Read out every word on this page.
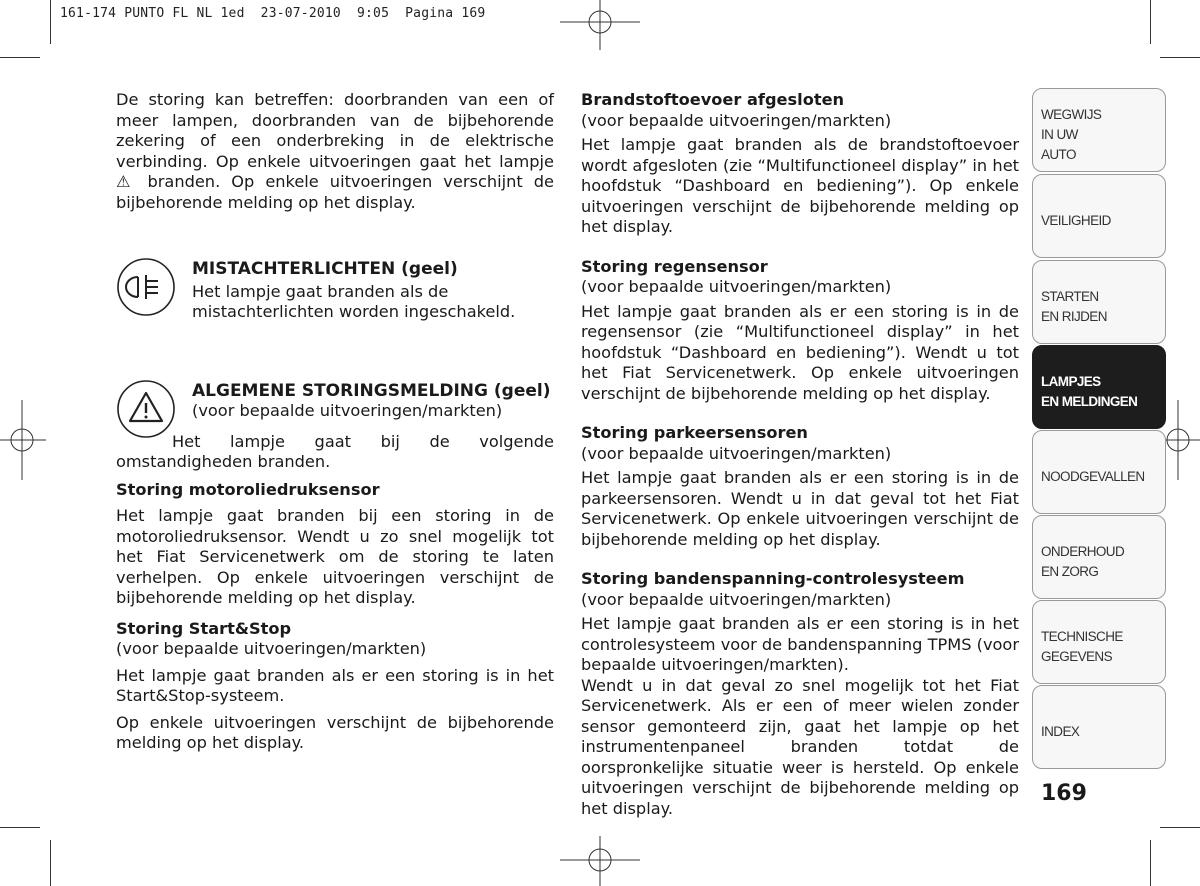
161-174 PUNTO FL NL 1ed  23-07-2010  9:05  Pagina 169

De storing kan betreffen: doorbranden van een of meer lampen, doorbranden van de bijbehorende zekering of een onderbreking in de elektrische verbinding. Op enkele uitvoeringen gaat het lampje ⚠ branden. Op enkele uitvoeringen verschijnt de bijbehorende melding op het display.

MISTACHTERLICHTEN (geel)

Het lampje gaat branden als de mistachterlichten worden ingeschakeld.

ALGEMENE STORINGSMELDING (geel)

(voor bepaalde uitvoeringen/markten)

Het lampje gaat bij de volgende omstandigheden branden.

Storing motoroliedruksensor

Het lampje gaat branden bij een storing in de motoroliedruksensor. Wendt u zo snel mogelijk tot het Fiat Servicenetwerk om de storing te laten verhelpen. Op enkele uitvoeringen verschijnt de bijbehorende melding op het display.

Storing Start&Stop

(voor bepaalde uitvoeringen/markten)

Het lampje gaat branden als er een storing is in het Start&Stop-systeem.

Op enkele uitvoeringen verschijnt de bijbehorende melding op het display.

Brandstoftoevoer afgesloten

(voor bepaalde uitvoeringen/markten)

Het lampje gaat branden als de brandstoftoevoer wordt afgesloten (zie “Multifunctioneel display” in het hoofdstuk “Dashboard en bediening”). Op enkele uitvoeringen verschijnt de bijbehorende melding op het display.

Storing regensensor

(voor bepaalde uitvoeringen/markten)

Het lampje gaat branden als er een storing is in de regensensor (zie “Multifunctioneel display” in het hoofdstuk “Dashboard en bediening”). Wendt u tot het Fiat Servicenetwerk. Op enkele uitvoeringen verschijnt de bijbehorende melding op het display.

Storing parkeersensoren

(voor bepaalde uitvoeringen/markten)

Het lampje gaat branden als er een storing is in de parkeersensoren. Wendt u in dat geval tot het Fiat Servicenetwerk. Op enkele uitvoeringen verschijnt de bijbehorende melding op het display.

Storing bandenspanning-controlesysteem

(voor bepaalde uitvoeringen/markten)

Het lampje gaat branden als er een storing is in het controlesysteem voor de bandenspanning TPMS (voor bepaalde uitvoeringen/markten).

Wendt u in dat geval zo snel mogelijk tot het Fiat Servicenetwerk. Als er een of meer wielen zonder sensor gemonteerd zijn, gaat het lampje op het instrumentenpaneel branden totdat de oorspronkelijke situatie weer is hersteld. Op enkele uitvoeringen verschijnt de bijbehorende melding op het display.

WEGWIJS
IN UW
AUTO
VEILIGHEID
STARTEN
EN RIJDEN
LAMPJES
EN MELDINGEN
NOODGEVALLEN
ONDERHOUD
EN ZORG
TECHNISCHE
GEGEVENS
INDEX
169
